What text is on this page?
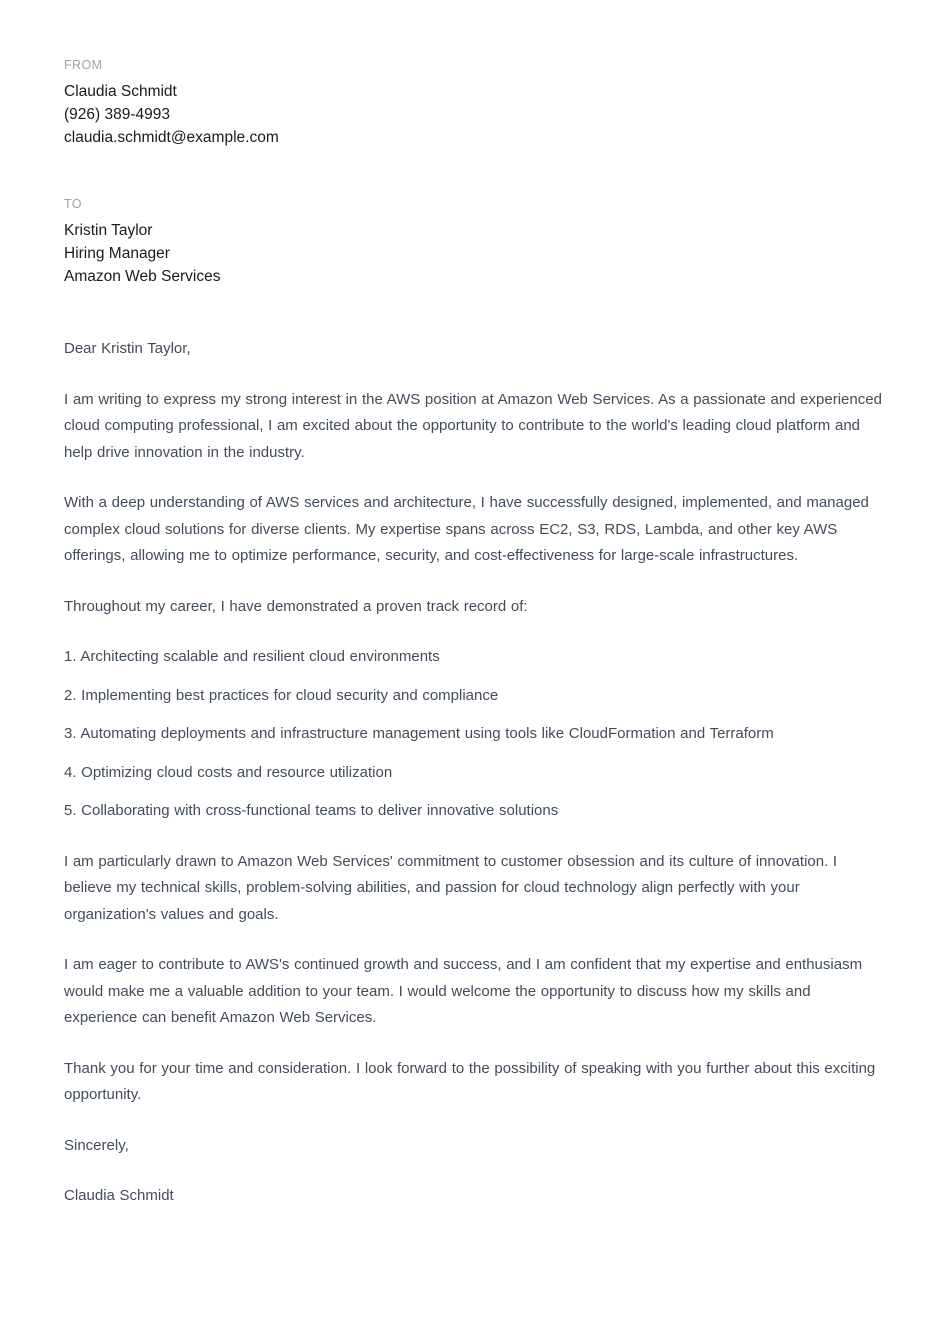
FROM
Claudia Schmidt
(926) 389-4993
claudia.schmidt@example.com
TO
Kristin Taylor
Hiring Manager
Amazon Web Services

Dear Kristin Taylor,

I am writing to express my strong interest in the AWS position at Amazon Web Services. As a passionate and experienced cloud computing professional, I am excited about the opportunity to contribute to the world's leading cloud platform and help drive innovation in the industry.

With a deep understanding of AWS services and architecture, I have successfully designed, implemented, and managed complex cloud solutions for diverse clients. My expertise spans across EC2, S3, RDS, Lambda, and other key AWS offerings, allowing me to optimize performance, security, and cost-effectiveness for large-scale infrastructures.

Throughout my career, I have demonstrated a proven track record of:

1. Architecting scalable and resilient cloud environments

2. Implementing best practices for cloud security and compliance

3. Automating deployments and infrastructure management using tools like CloudFormation and Terraform

4. Optimizing cloud costs and resource utilization

5. Collaborating with cross-functional teams to deliver innovative solutions

I am particularly drawn to Amazon Web Services' commitment to customer obsession and its culture of innovation. I believe my technical skills, problem-solving abilities, and passion for cloud technology align perfectly with your organization's values and goals.

I am eager to contribute to AWS's continued growth and success, and I am confident that my expertise and enthusiasm would make me a valuable addition to your team. I would welcome the opportunity to discuss how my skills and experience can benefit Amazon Web Services.

Thank you for your time and consideration. I look forward to the possibility of speaking with you further about this exciting opportunity.

Sincerely,

Claudia Schmidt
